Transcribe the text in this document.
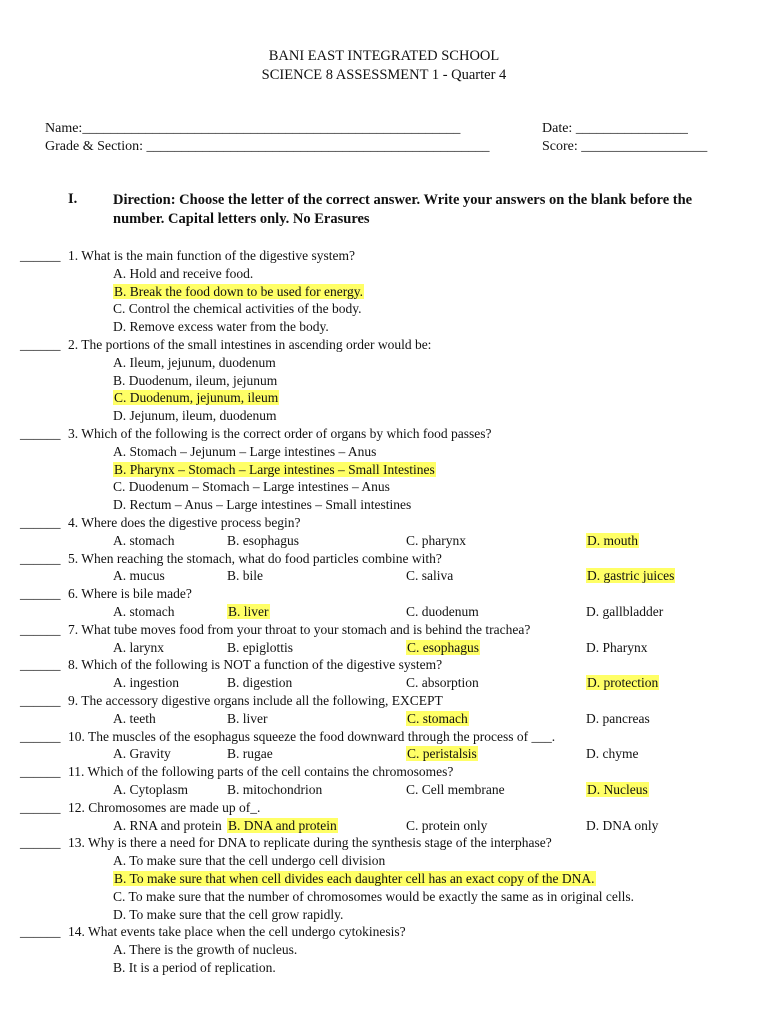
BANI EAST INTEGRATED SCHOOL
SCIENCE 8 ASSESSMENT 1 - Quarter 4
Name:______________________________________________________
Grade & Section: _________________________________________________
Date: ________________
Score: __________________
I. Direction: Choose the letter of the correct answer. Write your answers on the blank before the number. Capital letters only. No Erasures
______ 1. What is the main function of the digestive system?
A. Hold and receive food.
B. Break the food down to be used for energy.
C. Control the chemical activities of the body.
D. Remove excess water from the body.
______ 2. The portions of the small intestines in ascending order would be:
A. Ileum, jejunum, duodenum
B. Duodenum, ileum, jejunum
C. Duodenum, jejunum, ileum
D. Jejunum, ileum, duodenum
______ 3. Which of the following is the correct order of organs by which food passes?
A. Stomach – Jejunum – Large intestines – Anus
B. Pharynx – Stomach – Large intestines – Small Intestines
C. Duodenum – Stomach – Large intestines – Anus
D. Rectum – Anus – Large intestines – Small intestines
______ 4. Where does the digestive process begin?
A. stomach	B. esophagus	C. pharynx	D. mouth
______ 5. When reaching the stomach, what do food particles combine with?
A. mucus	B. bile	C. saliva	D. gastric juices
______ 6. Where is bile made?
A. stomach	B. liver	C. duodenum	D. gallbladder
______ 7. What tube moves food from your throat to your stomach and is behind the trachea?
A. larynx	B. epiglottis	C. esophagus	D. Pharynx
______ 8. Which of the following is NOT a function of the digestive system?
A. ingestion	B. digestion	C. absorption	D. protection
______ 9. The accessory digestive organs include all the following, EXCEPT
A. teeth	B. liver	C. stomach	D. pancreas
______ 10. The muscles of the esophagus squeeze the food downward through the process of ___.
A. Gravity	B. rugae	C. peristalsis	D. chyme
______ 11. Which of the following parts of the cell contains the chromosomes?
A. Cytoplasm	B. mitochondrion	C. Cell membrane	D. Nucleus
______ 12. Chromosomes are made up of_.
A. RNA and protein B. DNA and protein	C. protein only	D. DNA only
______ 13. Why is there a need for DNA to replicate during the synthesis stage of the interphase?
A. To make sure that the cell undergo cell division
B. To make sure that when cell divides each daughter cell has an exact copy of the DNA.
C. To make sure that the number of chromosomes would be exactly the same as in original cells.
D. To make sure that the cell grow rapidly.
______ 14. What events take place when the cell undergo cytokinesis?
A. There is the growth of nucleus.
B. It is a period of replication.
